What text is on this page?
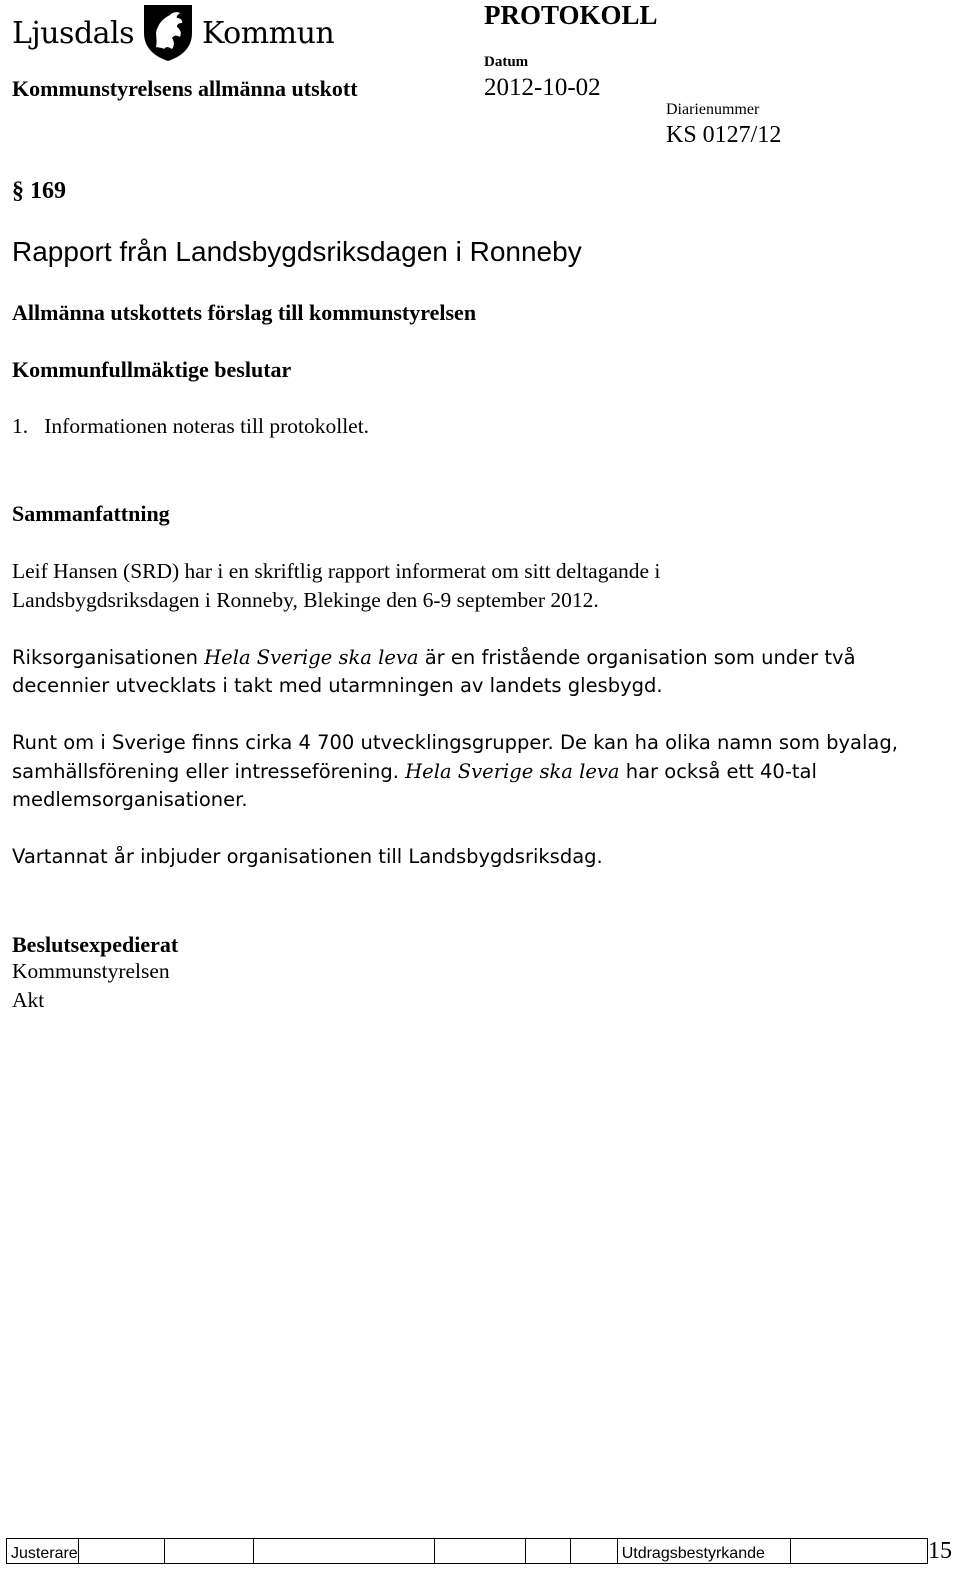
Ljusdals Kommun
PROTOKOLL
Datum
2012-10-02
Kommunstyrelsens allmänna utskott
Diarienummer
KS 0127/12
§ 169
Rapport från Landsbygdsriksdagen i Ronneby
Allmänna utskottets förslag till kommunstyrelsen
Kommunfullmäktige beslutar
1.   Informationen noteras till protokollet.
Sammanfattning
Leif Hansen (SRD) har i en skriftlig rapport informerat om sitt deltagande i
Landsbygdsriksdagen i Ronneby, Blekinge den 6-9 september 2012.
Riksorganisationen Hela Sverige ska leva är en fristående organisation som under två
decennier utvecklats i takt med utarmningen av landets glesbygd.
Runt om i Sverige finns cirka 4 700 utvecklingsgrupper. De kan ha olika namn som byalag,
samhällsförening eller intresseförening. Hela Sverige ska leva har också ett 40-tal
medlemsorganisationer.
Vartannat år inbjuder organisationen till Landsbygdsriksdag.
Beslutsexpedierat
Kommunstyrelsen
Akt
Justerare							Utdragsbestyrkande		15
